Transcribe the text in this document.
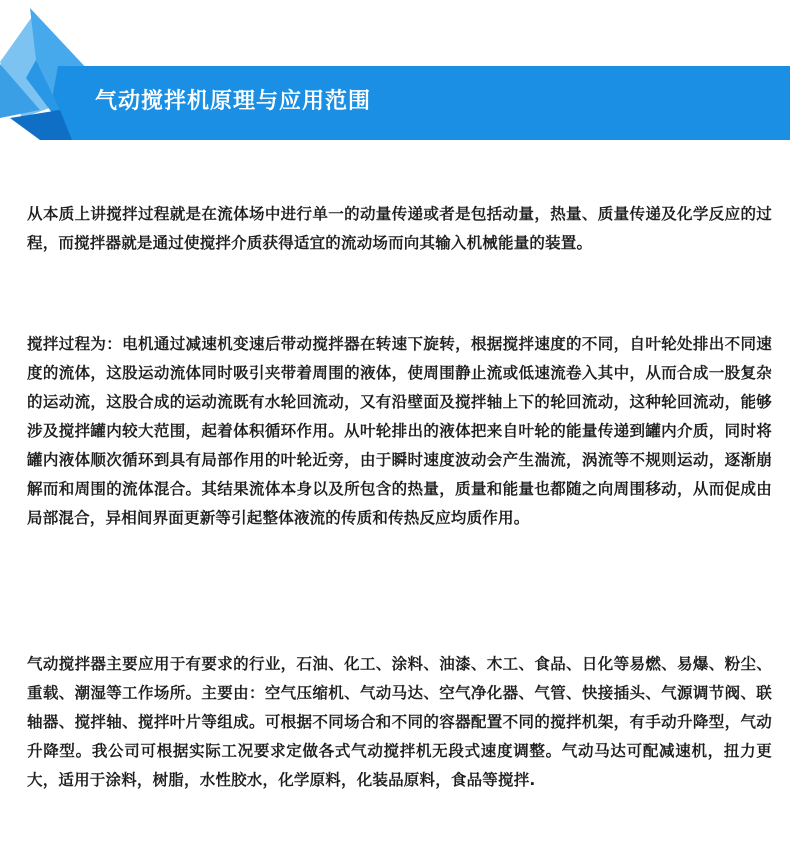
气动搅拌机原理与应用范围

从本质上讲搅拌过程就是在流体场中进行单一的动量传递或者是包括动量，热量、质量传递及化学反应的过程，而搅拌器就是通过使搅拌介质获得适宜的流动场而向其输入机械能量的装置。

搅拌过程为：电机通过减速机变速后带动搅拌器在转速下旋转，根据搅拌速度的不同，自叶轮处排出不同速度的流体，这股运动流体同时吸引夹带着周围的液体，使周围静止流或低速流卷入其中，从而合成一股复杂的运动流，这股合成的运动流既有水轮回流动，又有沿壁面及搅拌轴上下的轮回流动，这种轮回流动，能够涉及搅拌罐内较大范围，起着体积循环作用。从叶轮排出的液体把来自叶轮的能量传递到罐内介质，同时将罐内液体顺次循环到具有局部作用的叶轮近旁，由于瞬时速度波动会产生湍流，涡流等不规则运动，逐渐崩解而和周围的流体混合。其结果流体本身以及所包含的热量，质量和能量也都随之向周围移动，从而促成由局部混合，异相间界面更新等引起整体液流的传质和传热反应均质作用。

气动搅拌器主要应用于有要求的行业，石油、化工、涂料、油漆、木工、食品、日化等易燃、易爆、粉尘、重载、潮湿等工作场所。主要由：空气压缩机、气动马达、空气净化器、气管、快接插头、气源调节阀、联轴器、搅拌轴、搅拌叶片等组成。可根据不同场合和不同的容器配置不同的搅拌机架，有手动升降型，气动升降型。我公司可根据实际工况要求定做各式气动搅拌机无段式速度调整。气动马达可配减速机，扭力更大，适用于涂料，树脂，水性胶水，化学原料，化装品原料，食品等搅拌.
